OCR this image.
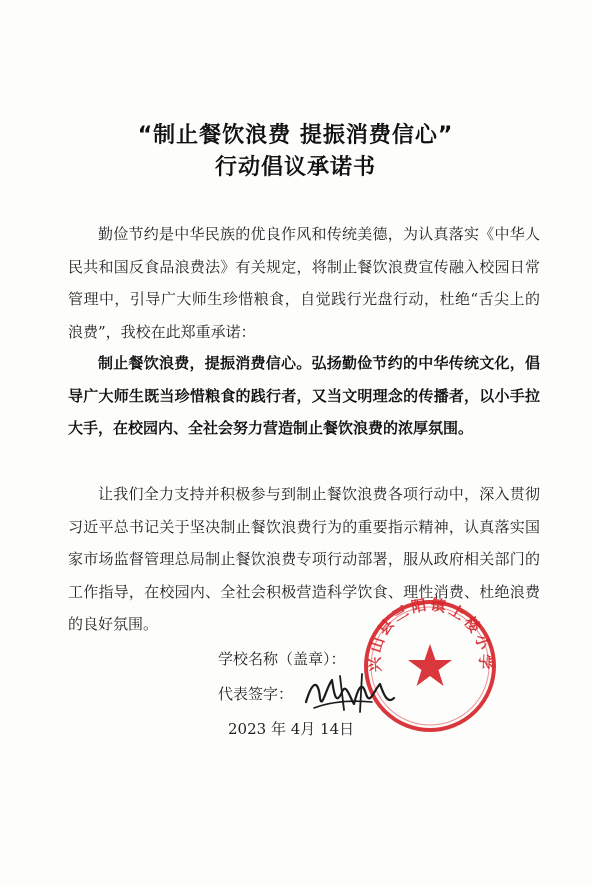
“制止餐饮浪费 提振消费信心”
行动倡议承诺书

勤俭节约是中华民族的优良作风和传统美德，为认真落实《中华人民共和国反食品浪费法》有关规定，将制止餐饮浪费宣传融入校园日常管理中，引导广大师生珍惜粮食，自觉践行光盘行动，杜绝“舌尖上的浪费”，我校在此郑重承诺：

制止餐饮浪费，提振消费信心。弘扬勤俭节约的中华传统文化，倡导广大师生既当珍惜粮食的践行者，又当文明理念的传播者，以小手拉大手，在校园内、全社会努力营造制止餐饮浪费的浓厚氛围。

让我们全力支持并积极参与到制止餐饮浪费各项行动中，深入贯彻习近平总书记关于坚决制止餐饮浪费行为的重要指示精神，认真落实国家市场监督管理总局制止餐饮浪费专项行动部署，服从政府相关部门的工作指导，在校园内、全社会积极营造科学饮食、理性消费、杜绝浪费的良好氛围。

学校名称（盖章）：
代表签字：
2023 年 4月 14日
兴山县三阳镇上楼小学
